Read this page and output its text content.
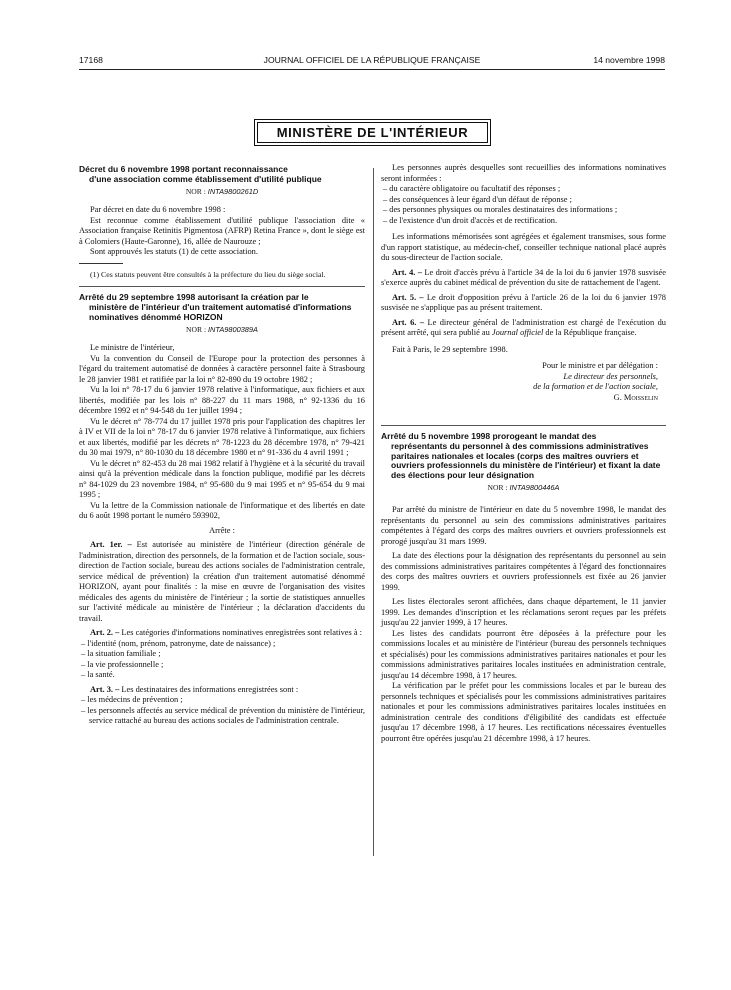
17168	JOURNAL OFFICIEL DE LA RÉPUBLIQUE FRANÇAISE	14 novembre 1998
MINISTÈRE DE L'INTÉRIEUR
Décret du 6 novembre 1998 portant reconnaissance
d'une association comme établissement d'utilité publique
NOR : INTA9800261D

Par décret en date du 6 novembre 1998 :

Est reconnue comme établissement d'utilité publique l'association dite « Association française Retinitis Pigmentosa (AFRP) Retina France », dont le siège est à Colomiers (Haute-Garonne), 16, allée de Naurouze ;

Sont approuvés les statuts (1) de cette association.

(1) Ces statuts peuvent être consultés à la préfecture du lieu du siège social.

Arrêté du 29 septembre 1998 autorisant la création par le
ministère de l'intérieur d'un traitement automatisé d'informations nominatives dénommé HORIZON
NOR : INTA9800389A

Le ministre de l'intérieur,

Vu la convention du Conseil de l'Europe pour la protection des personnes à l'égard du traitement automatisé de données à caractère personnel faite à Strasbourg le 28 janvier 1981 et ratifiée par la loi n° 82-890 du 19 octobre 1982 ;

Vu la loi n° 78-17 du 6 janvier 1978 relative à l'informatique, aux fichiers et aux libertés, modifiée par les lois n° 88-227 du 11 mars 1988, n° 92-1336 du 16 décembre 1992 et n° 94-548 du 1er juillet 1994 ;

Vu le décret n° 78-774 du 17 juillet 1978 pris pour l'application des chapitres Ier à IV et VII de la loi n° 78-17 du 6 janvier 1978 relative à l'informatique, aux fichiers et aux libertés, modifié par les décrets n° 78-1223 du 28 décembre 1978, n° 79-421 du 30 mai 1979, n° 80-1030 du 18 décembre 1980 et n° 91-336 du 4 avril 1991 ;

Vu le décret n° 82-453 du 28 mai 1982 relatif à l'hygiène et à la sécurité du travail ainsi qu'à la prévention médicale dans la fonction publique, modifié par les décrets n° 84-1029 du 23 novembre 1984, n° 95-680 du 9 mai 1995 et n° 95-654 du 9 mai 1995 ;

Vu la lettre de la Commission nationale de l'informatique et des libertés en date du 6 août 1998 portant le numéro 593902,

Arrête :

Art. 1er. – Est autorisée au ministère de l'intérieur (direction générale de l'administration, direction des personnels, de la formation et de l'action sociale, sous-direction de l'action sociale, bureau des actions sociales de l'administration centrale, service médical de prévention) la création d'un traitement automatisé dénommé HORIZON, ayant pour finalités : la mise en œuvre de l'organisation des visites médicales des agents du ministère de l'intérieur ; la sortie de statistiques annuelles sur l'activité médicale au ministère de l'intérieur ; la déclaration d'accidents du travail.

Art. 2. – Les catégories d'informations nominatives enregistrées sont relatives à :

– l'identité (nom, prénom, patronyme, date de naissance) ;

– la situation familiale ;

– la vie professionnelle ;

– la santé.

Art. 3. – Les destinataires des informations enregistrées sont :

– les médecins de prévention ;

– les personnels affectés au service médical de prévention du ministère de l'intérieur, service rattaché au bureau des actions sociales de l'administration centrale.

Les personnes auprès desquelles sont recueillies des informations nominatives seront informées :

– du caractère obligatoire ou facultatif des réponses ;

– des conséquences à leur égard d'un défaut de réponse ;

– des personnes physiques ou morales destinataires des informations ;

– de l'existence d'un droit d'accès et de rectification.

Les informations mémorisées sont agrégées et également transmises, sous forme d'un rapport statistique, au médecin-chef, conseiller technique national placé auprès du sous-directeur de l'action sociale.

Art. 4. – Le droit d'accès prévu à l'article 34 de la loi du 6 janvier 1978 susvisée s'exerce auprès du cabinet médical de prévention du site de rattachement de l'agent.

Art. 5. – Le droit d'opposition prévu à l'article 26 de la loi du 6 janvier 1978 susvisée ne s'applique pas au présent traitement.

Art. 6. – Le directeur général de l'administration est chargé de l'exécution du présent arrêté, qui sera publié au Journal officiel de la République française.

Fait à Paris, le 29 septembre 1998.

Pour le ministre et par délégation :

Le directeur des personnels,

de la formation et de l'action sociale,

G. Moisselin

Arrêté du 5 novembre 1998 prorogeant le mandat des
représentants du personnel à des commissions administratives paritaires nationales et locales (corps des maîtres ouvriers et ouvriers professionnels du ministère de l'intérieur) et fixant la date des élections pour leur désignation
NOR : INTA9800446A

Par arrêté du ministre de l'intérieur en date du 5 novembre 1998, le mandat des représentants du personnel au sein des commissions administratives paritaires compétentes à l'égard des corps des maîtres ouvriers et ouvriers professionnels est prorogé jusqu'au 31 mars 1999.

La date des élections pour la désignation des représentants du personnel au sein des commissions administratives paritaires compétentes à l'égard des fonctionnaires des corps des maîtres ouvriers et ouvriers professionnels est fixée au 26 janvier 1999.

Les listes électorales seront affichées, dans chaque département, le 11 janvier 1999. Les demandes d'inscription et les réclamations seront reçues par les préfets jusqu'au 22 janvier 1999, à 17 heures.

Les listes des candidats pourront être déposées à la préfecture pour les commissions locales et au ministère de l'intérieur (bureau des personnels techniques et spécialisés) pour les commissions administratives paritaires nationales et pour les commissions administratives paritaires locales instituées en administration centrale, jusqu'au 14 décembre 1998, à 17 heures.

La vérification par le préfet pour les commissions locales et par le bureau des personnels techniques et spécialisés pour les commissions administratives paritaires nationales et pour les commissions administratives paritaires locales instituées en administration centrale des conditions d'éligibilité des candidats est effectuée jusqu'au 17 décembre 1998, à 17 heures. Les rectifications nécessaires éventuelles pourront être opérées jusqu'au 21 décembre 1998, à 17 heures.
